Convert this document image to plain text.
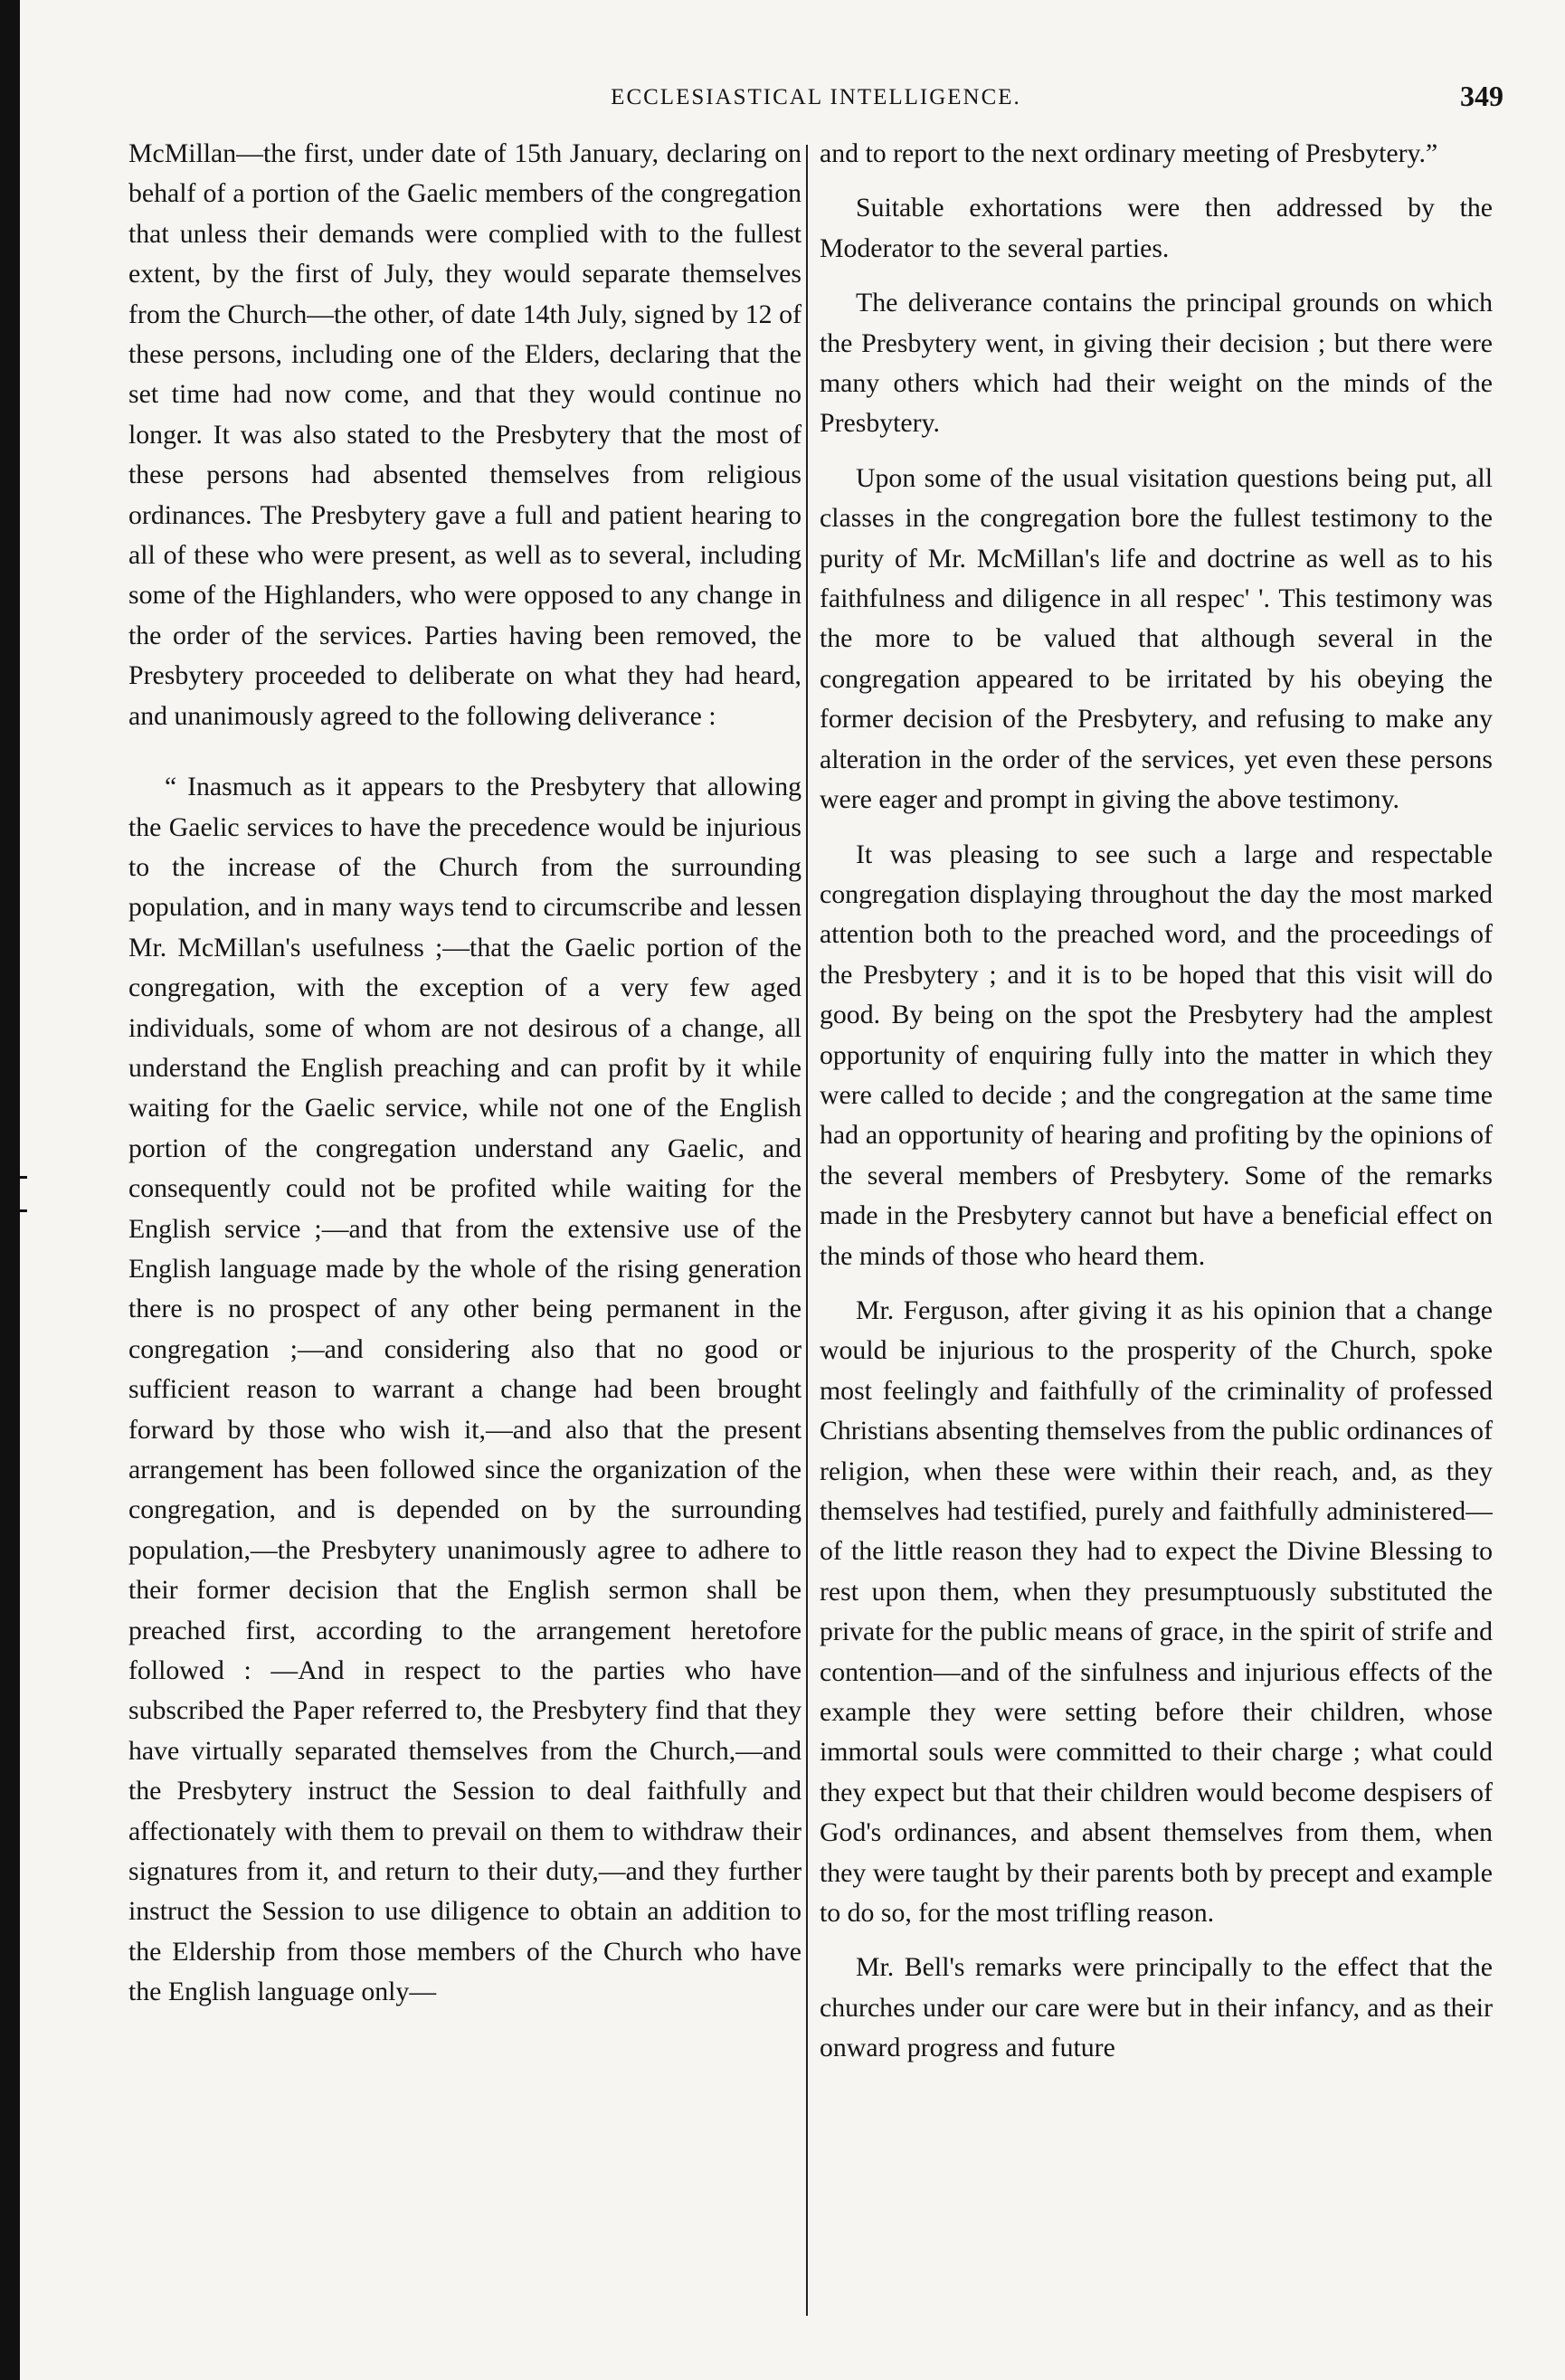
ECCLESIASTICAL INTELLIGENCE.	349

McMillan—the first, under date of 15th January, declaring on behalf of a portion of the Gaelic members of the congregation that unless their demands were complied with to the fullest extent, by the first of July, they would separate themselves from the Church—the other, of date 14th July, signed by 12 of these persons, including one of the Elders, declaring that the set time had now come, and that they would continue no longer. It was also stated to the Presbytery that the most of these persons had absented themselves from religious ordinances. The Presbytery gave a full and patient hearing to all of these who were present, as well as to several, including some of the Highlanders, who were opposed to any change in the order of the services. Parties having been removed, the Presbytery proceeded to deliberate on what they had heard, and unanimously agreed to the following deliverance :

“ Inasmuch as it appears to the Presbytery that allowing the Gaelic services to have the precedence would be injurious to the increase of the Church from the surrounding population, and in many ways tend to circumscribe and lessen Mr. McMillan's usefulness ;—that the Gaelic portion of the congregation, with the exception of a very few aged individuals, some of whom are not desirous of a change, all understand the English preaching and can profit by it while waiting for the Gaelic service, while not one of the English portion of the congregation understand any Gaelic, and consequently could not be profited while waiting for the English service ;—and that from the extensive use of the English language made by the whole of the rising generation there is no prospect of any other being permanent in the congregation ;—and considering also that no good or sufficient reason to warrant a change had been brought forward by those who wish it,—and also that the present arrangement has been followed since the organization of the congregation, and is depended on by the surrounding population,—the Presbytery unanimously agree to adhere to their former decision that the English sermon shall be preached first, according to the arrangement heretofore followed : —And in respect to the parties who have subscribed the Paper referred to, the Presbytery find that they have virtually separated themselves from the Church,—and the Presbytery instruct the Session to deal faithfully and affectionately with them to prevail on them to withdraw their signatures from it, and return to their duty,—and they further instruct the Session to use diligence to obtain an addition to the Eldership from those members of the Church who have the English language only—

and to report to the next ordinary meeting of Presbytery.”

Suitable exhortations were then addressed by the Moderator to the several parties.

The deliverance contains the principal grounds on which the Presbytery went, in giving their decision ; but there were many others which had their weight on the minds of the Presbytery.

Upon some of the usual visitation questions being put, all classes in the congregation bore the fullest testimony to the purity of Mr. McMillan's life and doctrine as well as to his faithfulness and diligence in all respec' '. This testimony was the more to be valued that although several in the congregation appeared to be irritated by his obeying the former decision of the Presbytery, and refusing to make any alteration in the order of the services, yet even these persons were eager and prompt in giving the above testimony.

It was pleasing to see such a large and respectable congregation displaying throughout the day the most marked attention both to the preached word, and the proceedings of the Presbytery ; and it is to be hoped that this visit will do good. By being on the spot the Presbytery had the amplest opportunity of enquiring fully into the matter in which they were called to decide ; and the congregation at the same time had an opportunity of hearing and profiting by the opinions of the several members of Presbytery. Some of the remarks made in the Presbytery cannot but have a beneficial effect on the minds of those who heard them.

Mr. Ferguson, after giving it as his opinion that a change would be injurious to the prosperity of the Church, spoke most feelingly and faithfully of the criminality of professed Christians absenting themselves from the public ordinances of religion, when these were within their reach, and, as they themselves had testified, purely and faithfully administered—of the little reason they had to expect the Divine Blessing to rest upon them, when they presumptuously substituted the private for the public means of grace, in the spirit of strife and contention—and of the sinfulness and injurious effects of the example they were setting before their children, whose immortal souls were committed to their charge ; what could they expect but that their children would become despisers of God's ordinances, and absent themselves from them, when they were taught by their parents both by precept and example to do so, for the most trifling reason.

Mr. Bell's remarks were principally to the effect that the churches under our care were but in their infancy, and as their onward progress and future
